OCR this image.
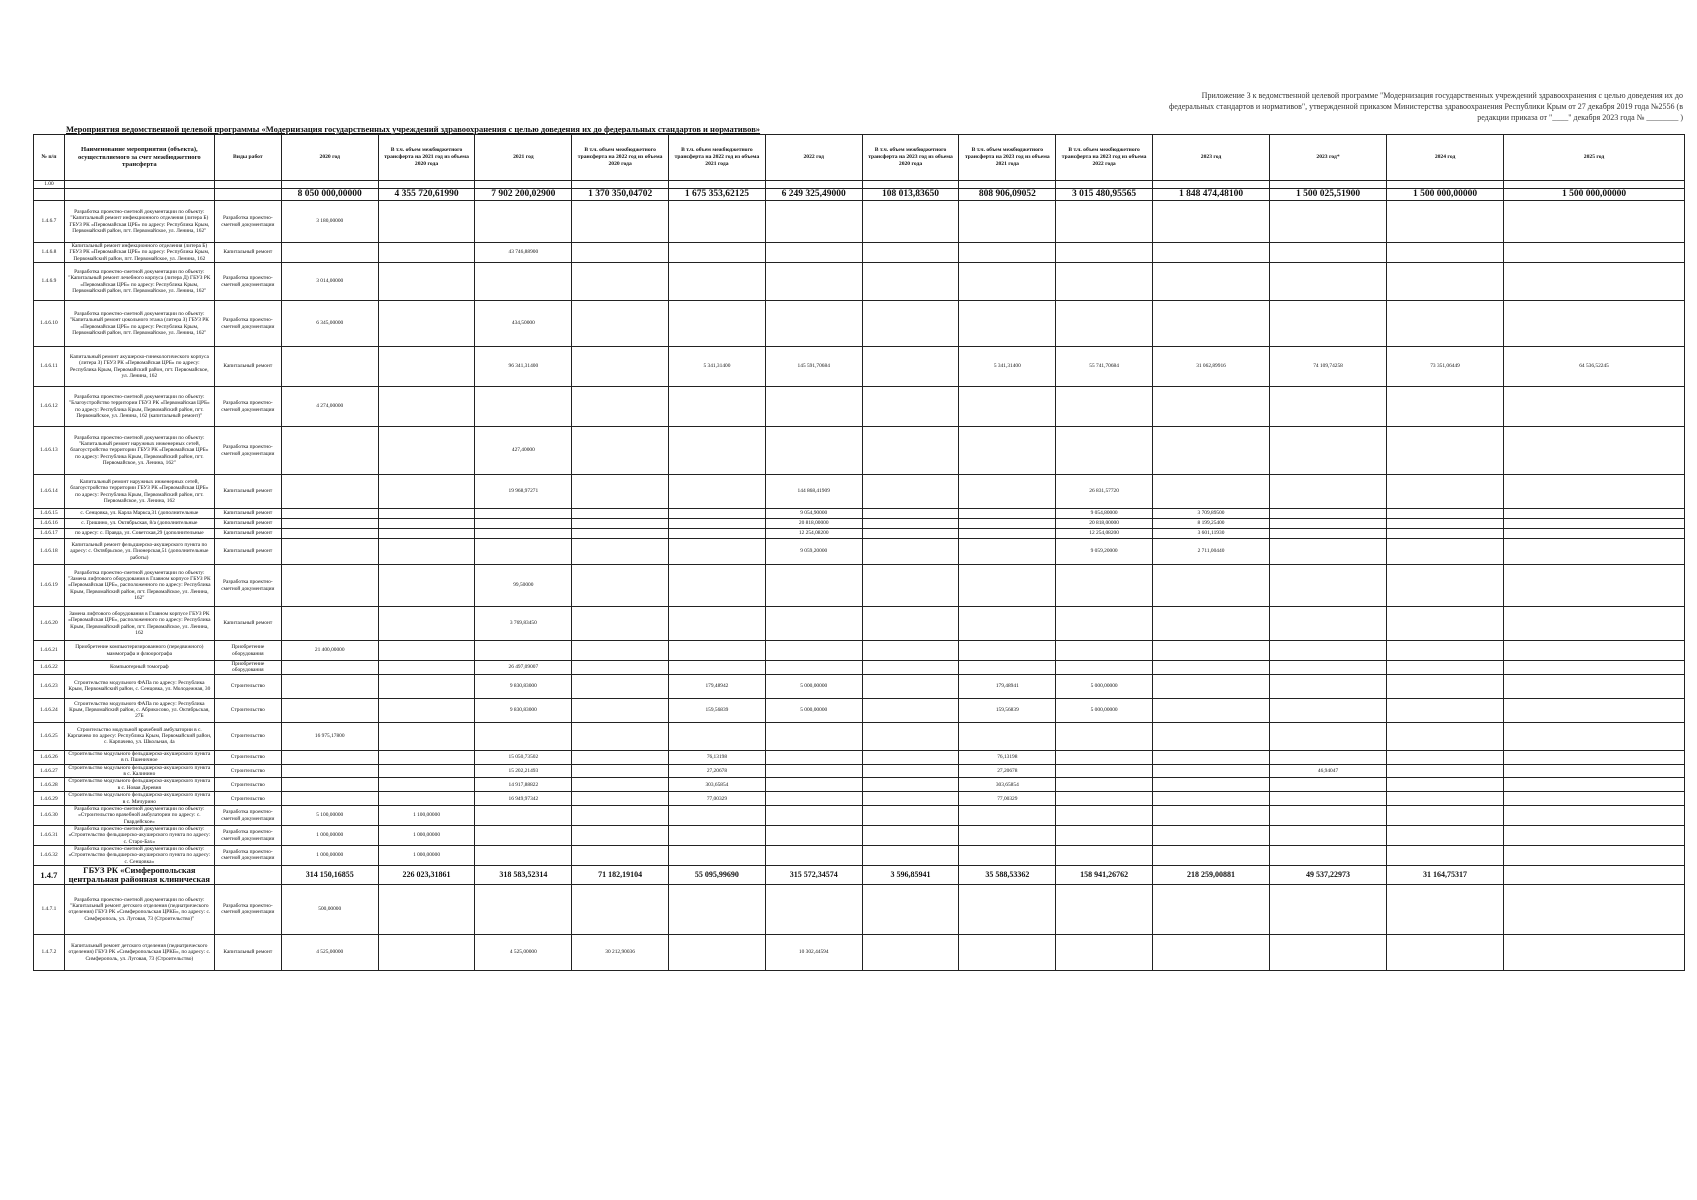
Приложение 3 к ведомственной целевой программе "Модернизация государственных учреждений здравоохранения с целью доведения их до федеральных стандартов и нормативов", утвержденной приказом Министерства здравоохранения Республики Крым от 27 декабря 2019 года №2556 (в редакции приказа от "____" декабря 2023 года № ________ )
Мероприятия ведомственной целевой программы «Модернизация государственных учреждений здравоохранения с целью доведения их до федеральных стандартов и нормативов»
№ п/п	Наименование мероприятия (объекта), осуществляемого за счет межбюджетного трансферта	Виды работ	2020 год	В т.ч. объем межбюджетного трансферта на 2021 год из объема 2020 года	2021 год	В т.ч. объем межбюджетного трансферта на 2022 год из объема 2020 года	В т.ч. объем межбюджетного трансферта на 2022 год из объема 2021 года	2022 год	В т.ч. объем межбюджетного трансферта на 2023 год из объема 2020 года	В т.ч. объем межбюджетного трансферта на 2023 год из объема 2021 года	В т.ч. объем межбюджетного трансферта на 2023 год из объема 2022 года	2023 год	2023 год*	2024 год	2025 год
1.00															
			8 050 000,00000	4 355 720,61990	7 902 200,02900	1 370 350,04702	1 675 353,62125	6 249 325,49000	108 013,83650	808 906,09052	3 015 480,95565	1 848 474,48100	1 500 025,51900	1 500 000,00000	1 500 000,00000
1.4.6.7	Разработка проектно-сметной документации по объекту: "Капитальный ремонт инфекционного отделения (литера Б) ГБУЗ РК «Первомайская ЦРБ» по адресу: Республика Крым, Первомайский район, пгт. Первомайское, ул. Ленина, 162"	Разработка проектно-сметной документации	3 180,00000												
1.4.6.8	Капитальный ремонт инфекционного отделения (литера Б) ГБУЗ РК «Первомайская ЦРБ» по адресу: Республика Крым, Первомайский район, пгт. Первомайское, ул. Ленина, 162	Капитальный ремонт			43 746,88900										
1.4.6.9	Разработка проектно-сметной документации по объекту: "Капитальный ремонт лечебного корпуса (литера Д) ГБУЗ РК «Первомайская ЦРБ» по адресу: Республика Крым, Первомайский район, пгт. Первомайское, ул. Ленина, 162"	Разработка проектно-сметной документации	3 014,00000												
1.4.6.10	Разработка проектно-сметной документации по объекту: "Капитальный ремонт цокольного этажа (литера З) ГБУЗ РК «Первомайская ЦРБ» по адресу: Республика Крым, Первомайский район, пгт. Первомайское, ул. Ленина, 162"	Разработка проектно-сметной документации	6 345,00000		434,50000										
1.4.6.11	Капитальный ремонт акушерско-гинекологического корпуса (литера З) ГБУЗ РК «Первомайская ЦРБ» по адресу: Республика Крым, Первомайский район, пгт. Первомайское, ул. Ленина, 162	Капитальный ремонт			96 341,31400		5 341,31400	145 591,70684		5 341,31400	55 741,70684	31 062,89916	74 109,74258	73 351,06449	64 536,52245
1.4.6.12	Разработка проектно-сметной документации по объекту: "Благоустройство территории ГБУЗ РК «Первомайская ЦРБ» по адресу: Республика Крым, Первомайский район, пгт. Первомайское, ул. Ленина, 162 (капитальный ремонт)"	Разработка проектно-сметной документации	4 274,00000												
1.4.6.13	Разработка проектно-сметной документации по объекту: "Капитальный ремонт наружных инженерных сетей, благоустройство территории ГБУЗ РК «Первомайская ЦРБ» по адресу: Республика Крым, Первомайский район, пгт. Первомайское, ул. Ленина, 162"	Разработка проектно-сметной документации			427,40000										
1.4.6.14	Капитальный ремонт наружных инженерных сетей, благоустройство территории ГБУЗ РК «Первомайская ЦРБ» по адресу: Республика Крым, Первомайский район, пгт. Первомайское, ул. Ленина, 162	Капитальный ремонт			19 968,97271			144 868,41909			26 831,57720				
1.4.6.15	с. Сенцовка, ул. Карла Маркса,31 (дополнительные	Капитальный ремонт						9 054,90000			9 054,80000	3 709,89500			
1.4.6.16	с. Гришино, ул. Октябрьская, 8/а (дополнительные	Капитальный ремонт						20 818,00000			20 818,00000	8 199,25400			
1.4.6.17	по адресу: с. Правда, ул. Советская,29 (дополнительные	Капитальный ремонт						12 254,08200			12 254,08200	3 601,11930			
1.4.6.18	Капитальный ремонт фельдшерско-акушерского пункта по адресу: с. Октябрьское, ул. Пионерская,51 (дополнительные работы)	Капитальный ремонт						9 059,20000			9 059,20000	2 711,00440			
1.4.6.19	Разработка проектно-сметной документации по объекту: "Замена лифтового оборудования в Главном корпусе ГБУЗ РК «Первомайская ЦРБ», расположенного по адресу: Республика Крым, Первомайский район, пгт. Первомайское, ул. Ленина, 162"	Разработка проектно-сметной документации			99,50000										
1.4.6.20	Замена лифтового оборудования в Главном корпусе ГБУЗ РК «Первомайская ЦРБ», расположенного по адресу: Республика Крым, Первомайский район, пгт. Первомайское, ул. Ленина, 162	Капитальный ремонт			3 769,83450										
1.4.6.21	Приобретение компьютеризированного (передвижного) маммографа и флюорографа	Приобретение оборудования	21 400,00000												
1.4.6.22	Компьютерный томограф	Приобретение оборудования			26 497,09007										
1.4.6.23	Строительство модульного ФАПа по адресу: Республика Крым, Первомайский район, с. Сенцовка, ул. Молодежная, 30	Строительство			9 830,83000		179,48942	5 000,00000		179,48941	5 000,00000				
1.4.6.24	Строительство модульного ФАПа по адресу: Республика Крым, Первомайский район, с. Абрикосово, ул. Октябрьская, 27Б	Строительство			9 830,83000		159,56839	5 000,00000		159,56839	5 000,00000				
1.4.6.25	Строительство модульной врачебной амбулатории в с. Карпачево по адресу: Республика Крым, Первомайский район, с. Карпачево, ул. Школьная, 4а	Строительство	16 975,17800												
1.4.6.26	Строительство модульного фельдшерско-акушерского пункта в п. Пшеничное	Строительство			15 050,73502		76,13198			76,13198					
1.4.6.27	Строительство модульного фельдшерско-акушерского пункта в с. Калинино	Строительство			15 202,21493		27,20678			27,20678			46,94047		
1.4.6.28	Строительство модульного фельдшерско-акушерского пункта в с. Новая Деревня	Строительство			14 917,88822		303,65854			303,65854					
1.4.6.29	Строительство модульного фельдшерско-акушерского пункта в с. Мичурино	Строительство			16 949,97342		77,00329			77,00329					
1.4.6.30	Разработка проектно-сметной документации по объекту: «Строительство врачебной амбулатории по адресу: с. Гвардейское»	Разработка проектно-сметной документации	5 100,00000	1 100,00000											
1.4.6.31	Разработка проектно-сметной документации по объекту: «Строительство фельдшерско-акушерского пункта по адресу: с. Старо-Бах»	Разработка проектно-сметной документации	1 000,00000	1 000,00000											
1.4.6.32	Разработка проектно-сметной документации по объекту: «Строительство фельдшерско-акушерского пункта по адресу: с. Сенцовка»	Разработка проектно-сметной документации	1 000,00000	1 000,00000											
1.4.7	ГБУЗ РК «Симферопольская центральная районная клиническая		314 150,16855	226 023,31861	318 583,52314	71 182,19104	55 095,99690	315 572,34574	3 596,85941	35 588,53362	158 941,26762	218 259,00881	49 537,22973	31 164,75317	
1.4.7.1	Разработка проектно-сметной документации по объекту: "Капитальный ремонт детского отделения (педиатрического отделения) ГБУЗ РК «Симферопольская ЦРКБ», по адресу: с. Симферополь, ул. Луговая, 73 (Строительство)"	Разработка проектно-сметной документации	500,00000												
1.4.7.2	Капитальный ремонт детского отделения (педиатрического отделения) ГБУЗ РК «Симферопольская ЦРКБ», по адресу: с. Симферополь, ул. Луговая, 73 (Строительство)	Капитальный ремонт	4 525,00000		4 525,00000	30 212,90036		10 302,44594							
